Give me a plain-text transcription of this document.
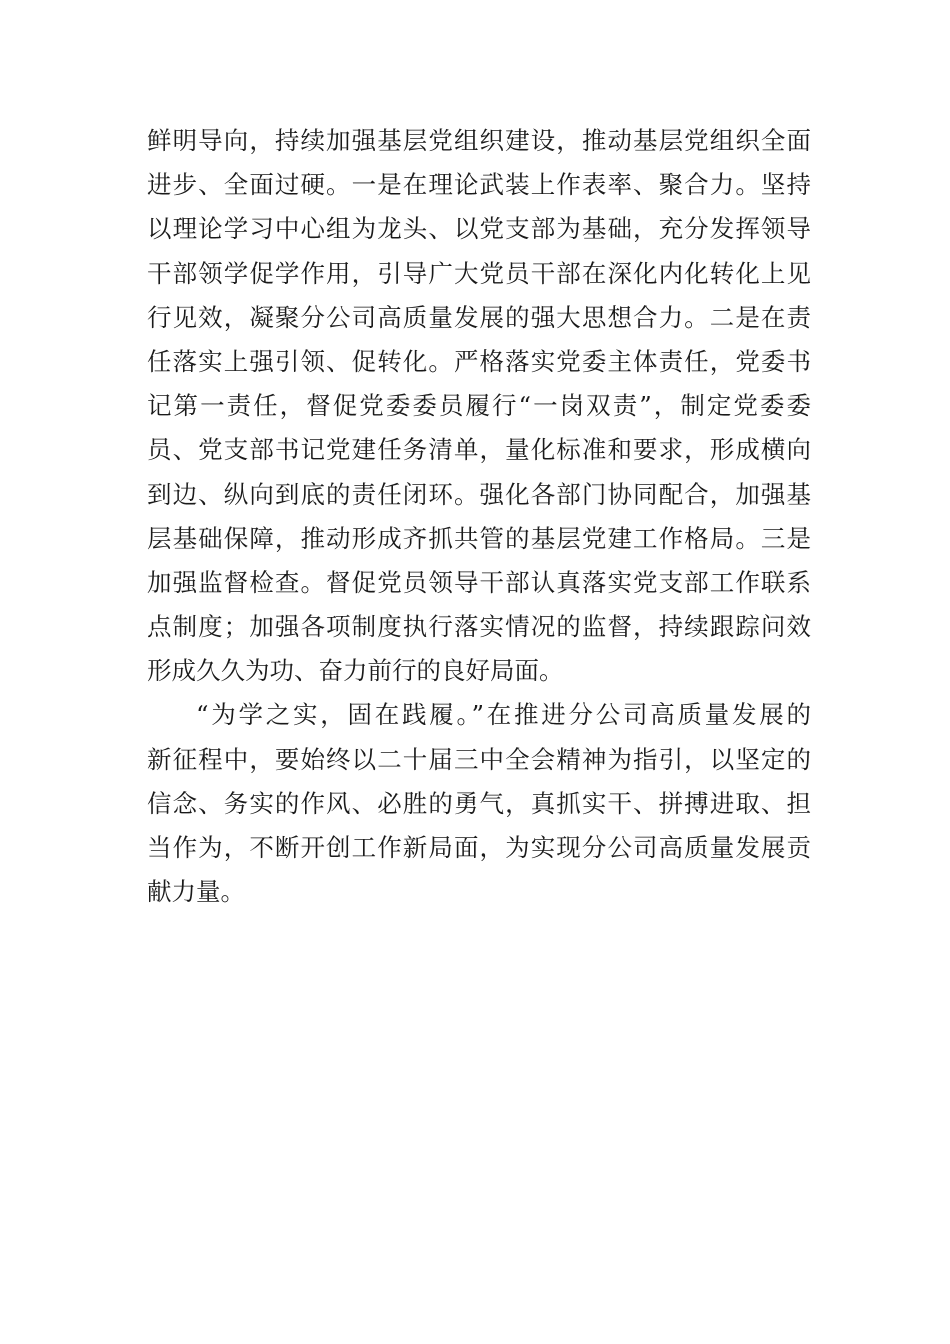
鲜明导向，持续加强基层党组织建设，推动基层党组织全面
进步、全面过硬。一是在理论武装上作表率、聚合力。坚持
以理论学习中心组为龙头、以党支部为基础，充分发挥领导
干部领学促学作用，引导广大党员干部在深化内化转化上见
行见效，凝聚分公司高质量发展的强大思想合力。二是在责
任落实上强引领、促转化。严格落实党委主体责任，党委书
记第一责任，督促党委委员履行“一岗双责”，制定党委委
员、党支部书记党建任务清单，量化标准和要求，形成横向
到边、纵向到底的责任闭环。强化各部门协同配合，加强基
层基础保障，推动形成齐抓共管的基层党建工作格局。三是
加强监督检查。督促党员领导干部认真落实党支部工作联系
点制度；加强各项制度执行落实情况的监督，持续跟踪问效
形成久久为功、奋力前行的良好局面。
“为学之实，固在践履。”在推进分公司高质量发展的
新征程中，要始终以二十届三中全会精神为指引，以坚定的
信念、务实的作风、必胜的勇气，真抓实干、拼搏进取、担
当作为，不断开创工作新局面，为实现分公司高质量发展贡
献力量。
